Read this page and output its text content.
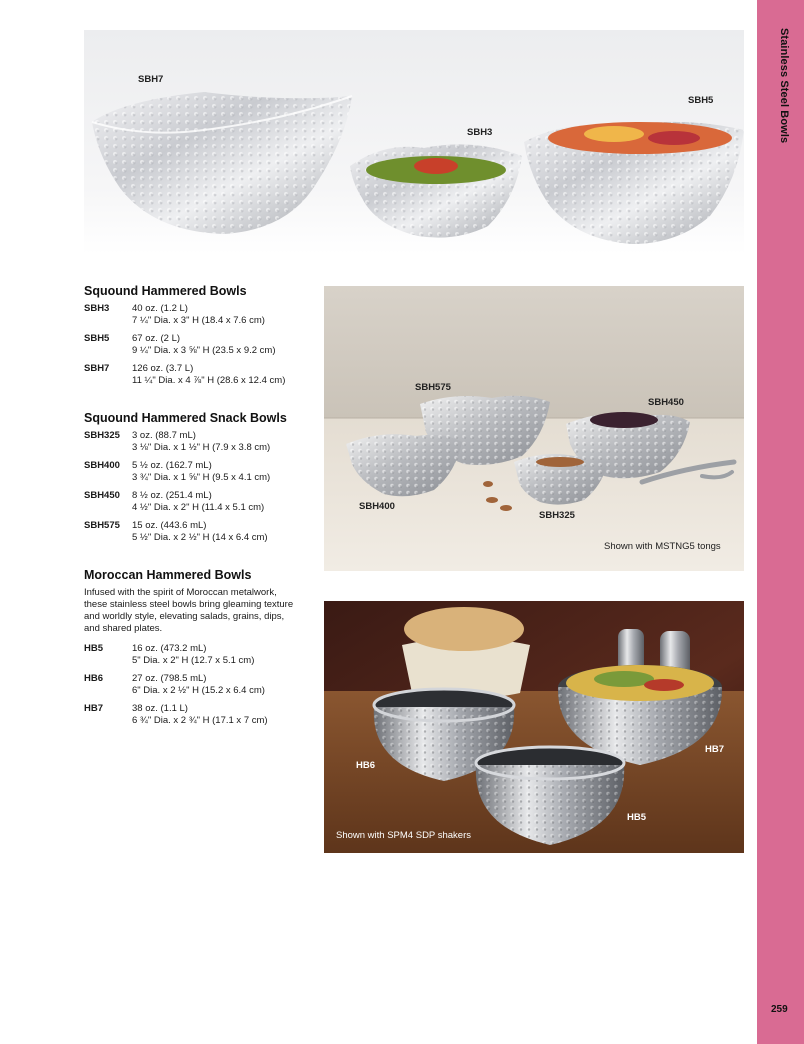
Stainless Steel Bowls
259
SBH7
SBH3
SBH5
SBH575
SBH450
SBH400
SBH325
Shown with MSTNG5 tongs
HB6
HB7
HB5
Shown with SPM4 SDP shakers
Squound Hammered Bowls
SBH3	40 oz. (1.2 L)
7 ¼" Dia. x 3" H (18.4 x 7.6 cm)
SBH5	67 oz. (2 L)
9 ¼" Dia. x 3 ⅝" H (23.5 x 9.2 cm)
SBH7	126 oz. (3.7 L)
11 ¼" Dia. x 4 ⅞" H (28.6 x 12.4 cm)
Squound Hammered Snack Bowls
SBH325	3 oz. (88.7 mL)
3 ⅛" Dia. x 1 ½" H (7.9 x 3.8 cm)
SBH400	5 ½ oz. (162.7 mL)
3 ¾" Dia. x 1 ⅝" H (9.5 x 4.1 cm)
SBH450	8 ½ oz. (251.4 mL)
4 ½" Dia. x 2" H (11.4 x 5.1 cm)
SBH575	15 oz. (443.6 mL)
5 ½" Dia. x 2 ½" H (14 x 6.4 cm)
Moroccan Hammered Bowls

Infused with the spirit of Moroccan metalwork, these stainless steel bowls bring gleaming texture and worldly style, elevating salads, grains, dips, and shared plates.

HB5	16 oz. (473.2 mL)
5" Dia. x 2" H (12.7 x 5.1 cm)
HB6	27 oz. (798.5 mL)
6" Dia. x 2 ½" H (15.2 x 6.4 cm)
HB7	38 oz. (1.1 L)
6 ¾" Dia. x 2 ¾" H (17.1 x 7 cm)
